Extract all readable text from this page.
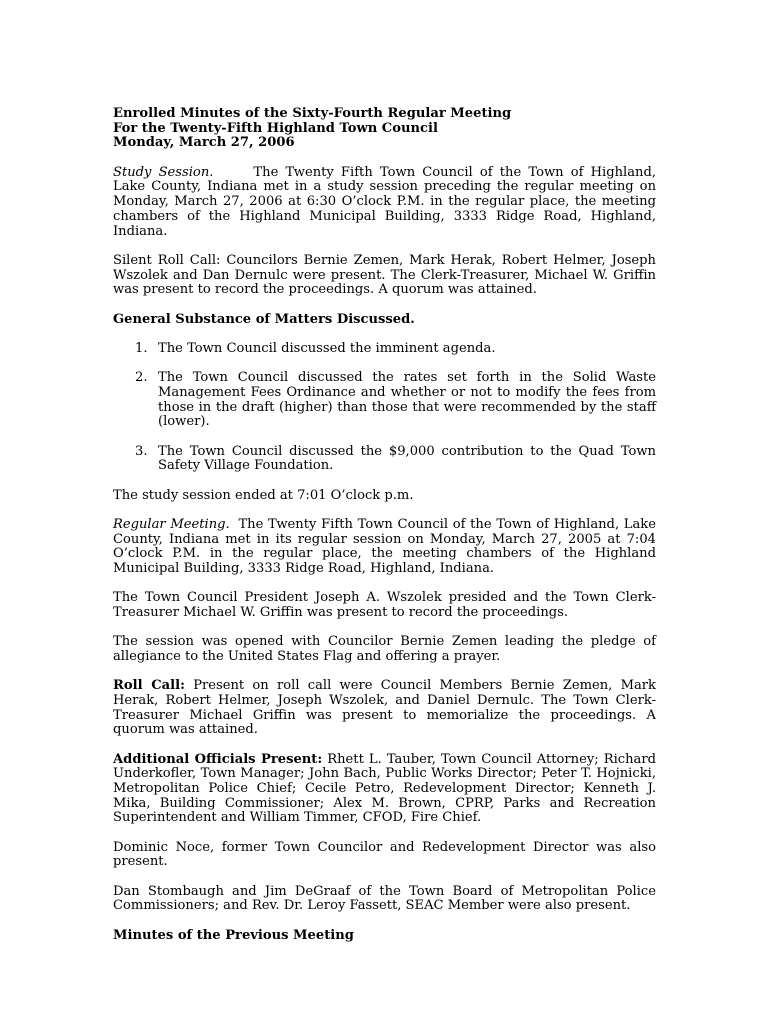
Enrolled Minutes of the Sixty-Fourth Regular Meeting
For the Twenty-Fifth Highland Town Council
Monday, March 27, 2006

Study Session.	The Twenty Fifth Town Council of the Town of Highland, Lake County, Indiana met in a study session preceding the regular meeting on Monday, March 27, 2006 at 6:30 O’clock P.M. in the regular place, the meeting chambers of the Highland Municipal Building, 3333 Ridge Road, Highland, Indiana.

Silent Roll Call: Councilors Bernie Zemen, Mark Herak, Robert Helmer, Joseph Wszolek and Dan Dernulc were present. The Clerk-Treasurer, Michael W. Griffin was present to record the proceedings. A quorum was attained.

General Substance of Matters Discussed.
1. The Town Council discussed the imminent agenda.
2. The Town Council discussed the rates set forth in the Solid Waste Management Fees Ordinance and whether or not to modify the fees from those in the draft (higher) than those that were recommended by the staff (lower).
3. The Town Council discussed the $9,000 contribution to the Quad Town Safety Village Foundation.

The study session ended at 7:01 O’clock p.m.

Regular Meeting. The Twenty Fifth Town Council of the Town of Highland, Lake County, Indiana met in its regular session on Monday, March 27, 2005 at 7:04 O’clock P.M. in the regular place, the meeting chambers of the Highland Municipal Building, 3333 Ridge Road, Highland, Indiana.

The Town Council President Joseph A. Wszolek presided and the Town Clerk-Treasurer Michael W. Griffin was present to record the proceedings.

The session was opened with Councilor Bernie Zemen leading the pledge of allegiance to the United States Flag and offering a prayer.

Roll Call: Present on roll call were Council Members Bernie Zemen, Mark Herak, Robert Helmer, Joseph Wszolek, and Daniel Dernulc. The Town Clerk-Treasurer Michael Griffin was present to memorialize the proceedings. A quorum was attained.

Additional Officials Present: Rhett L. Tauber, Town Council Attorney; Richard Underkofler, Town Manager; John Bach, Public Works Director; Peter T. Hojnicki, Metropolitan Police Chief; Cecile Petro, Redevelopment Director; Kenneth J. Mika, Building Commissioner; Alex M. Brown, CPRP, Parks and Recreation Superintendent and William Timmer, CFOD, Fire Chief.

Dominic Noce, former Town Councilor and Redevelopment Director was also present.

Dan Stombaugh and Jim DeGraaf of the Town Board of Metropolitan Police Commissioners; and Rev. Dr. Leroy Fassett, SEAC Member were also present.

Minutes of the Previous Meeting
